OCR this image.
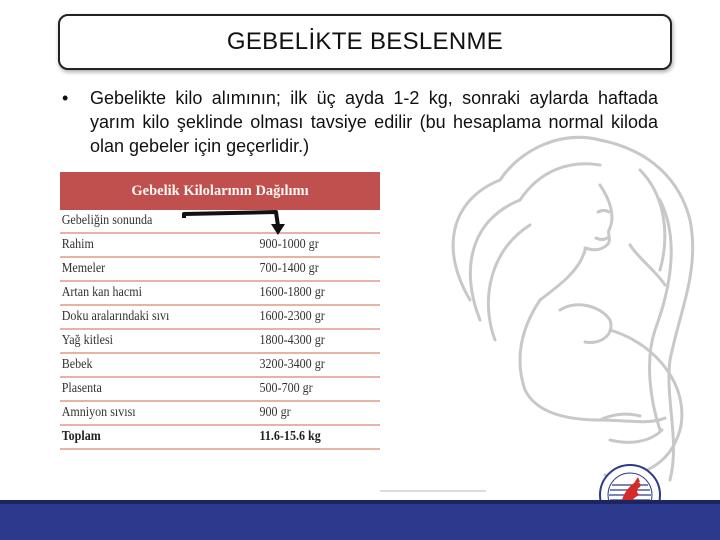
GEBELİKTE BESLENME
• Gebelikte kilo alımının; ilk üç ayda 1-2 kg, sonraki aylarda haftada yarım kilo şeklinde olması tavsiye edilir (bu hesaplama normal kiloda olan gebeler için geçerlidir.)
Gebelik Kilolarının Dağılımı
Gebeliğin sonunda
Rahim	900-1000 gr
Memeler	700-1400 gr
Artan kan hacmi	1600-1800 gr
Doku aralarındaki sıvı	1600-2300 gr
Yağ kitlesi	1800-4300 gr
Bebek	3200-3400 gr
Plasenta	500-700 gr
Amniyon sıvısı	900 gr
Toplam	11.6-15.6 kg
